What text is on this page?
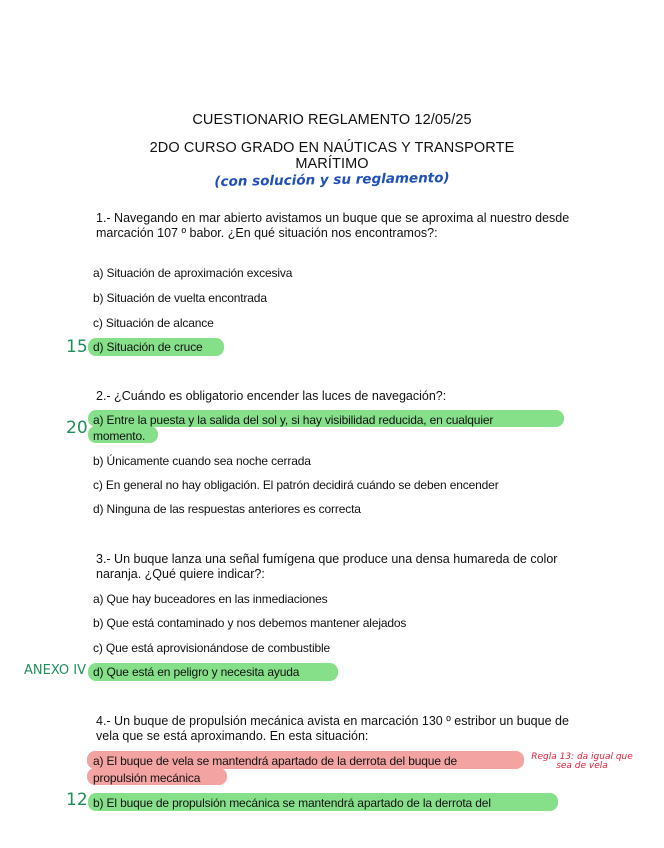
CUESTIONARIO REGLAMENTO 12/05/25
2DO CURSO GRADO EN NAÚTICAS Y TRANSPORTE
MARÍTIMO
(con solución y su reglamento)
1.- Navegando en mar abierto avistamos un buque que se aproxima al nuestro desde marcación 107 º babor. ¿En qué situación nos encontramos?:
a) Situación de aproximación excesiva
b) Situación de vuelta encontrada
c) Situación de alcance
d) Situación de cruce
15
2.- ¿Cuándo es obligatorio encender las luces de navegación?:
a) Entre la puesta y la salida del sol y, si hay visibilidad reducida, en cualquier
momento.
20
b) Únicamente cuando sea noche cerrada
c) En general no hay obligación. El patrón decidirá cuándo se deben encender
d) Ninguna de las respuestas anteriores es correcta
3.- Un buque lanza una señal fumígena que produce una densa humareda de color naranja. ¿Qué quiere indicar?:
a) Que hay buceadores en las inmediaciones
b) Que está contaminado y nos debemos mantener alejados
c) Que está aprovisionándose de combustible
d) Que está en peligro y necesita ayuda
ANEXO IV
4.- Un buque de propulsión mecánica avista en marcación 130 º estribor un buque de vela que se está aproximando. En esta situación:
a) El buque de vela se mantendrá apartado de la derrota del buque de
propulsión mecánica
Regla 13: da igual que
sea de vela
b) El buque de propulsión mecánica se mantendrá apartado de la derrota del
12
